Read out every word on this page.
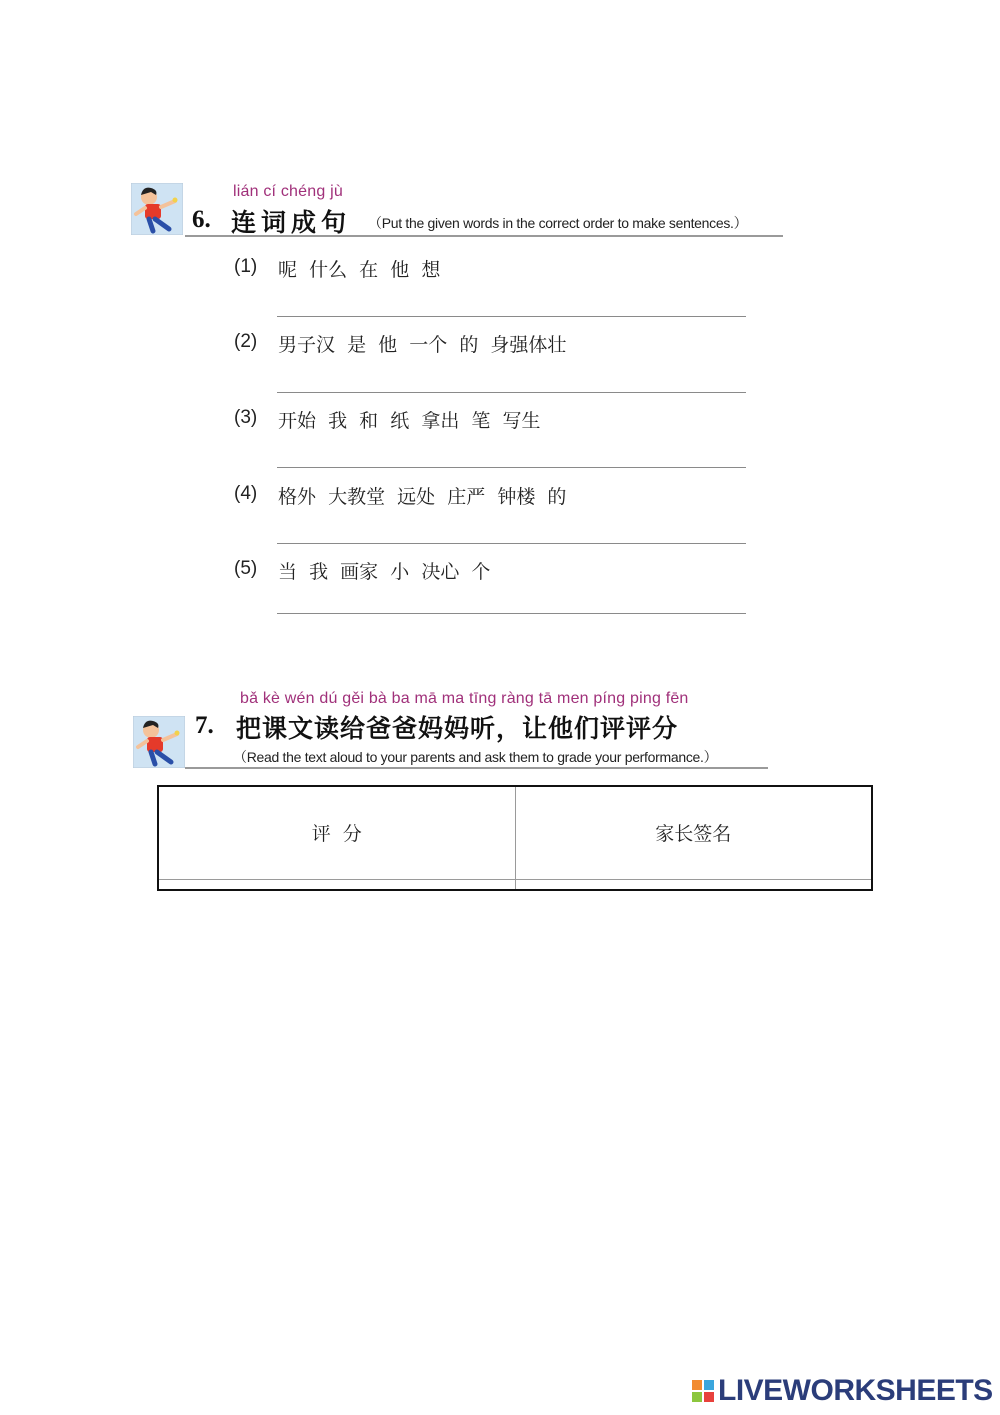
lián cí chéng jù
6. 连词成句 （Put the given words in the correct order to make sentences.）
(1) 呢  什么  在  他  想
(2) 男子汉  是  他  一个  的  身强体壮
(3) 开始  我  和  纸  拿出  笔  写生
(4) 格外  大教堂  远处  庄严  钟楼  的
(5) 当  我  画家  小  决心  个
bǎ kè wén dú gěi bà ba mā ma tīng ràng tā men píng ping fēn
7. 把课文读给爸爸妈妈听，让他们评评分
（Read the text aloud to your parents and ask them to grade your performance.）
评  分	家长签名

LIVEWORKSHEETS
